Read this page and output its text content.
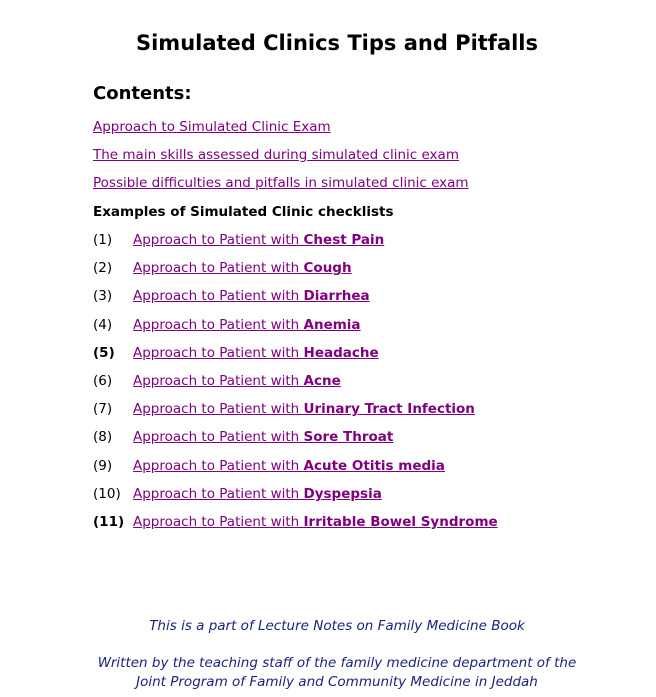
Simulated Clinics Tips and Pitfalls
Contents:
Approach to Simulated Clinic Exam
The main skills assessed during simulated clinic exam
Possible difficulties and pitfalls in simulated clinic exam
Examples of Simulated Clinic checklists
(1) Approach to Patient with Chest Pain
(2) Approach to Patient with Cough
(3) Approach to Patient with Diarrhea
(4) Approach to Patient with Anemia
(5) Approach to Patient with Headache
(6) Approach to Patient with Acne
(7) Approach to Patient with Urinary Tract Infection
(8) Approach to Patient with Sore Throat
(9) Approach to Patient with Acute Otitis media
(10) Approach to Patient with Dyspepsia
(11) Approach to Patient with Irritable Bowel Syndrome
This is a part of Lecture Notes on Family Medicine Book
Written by the teaching staff of the family medicine department of the
Joint Program of Family and Community Medicine in Jeddah
